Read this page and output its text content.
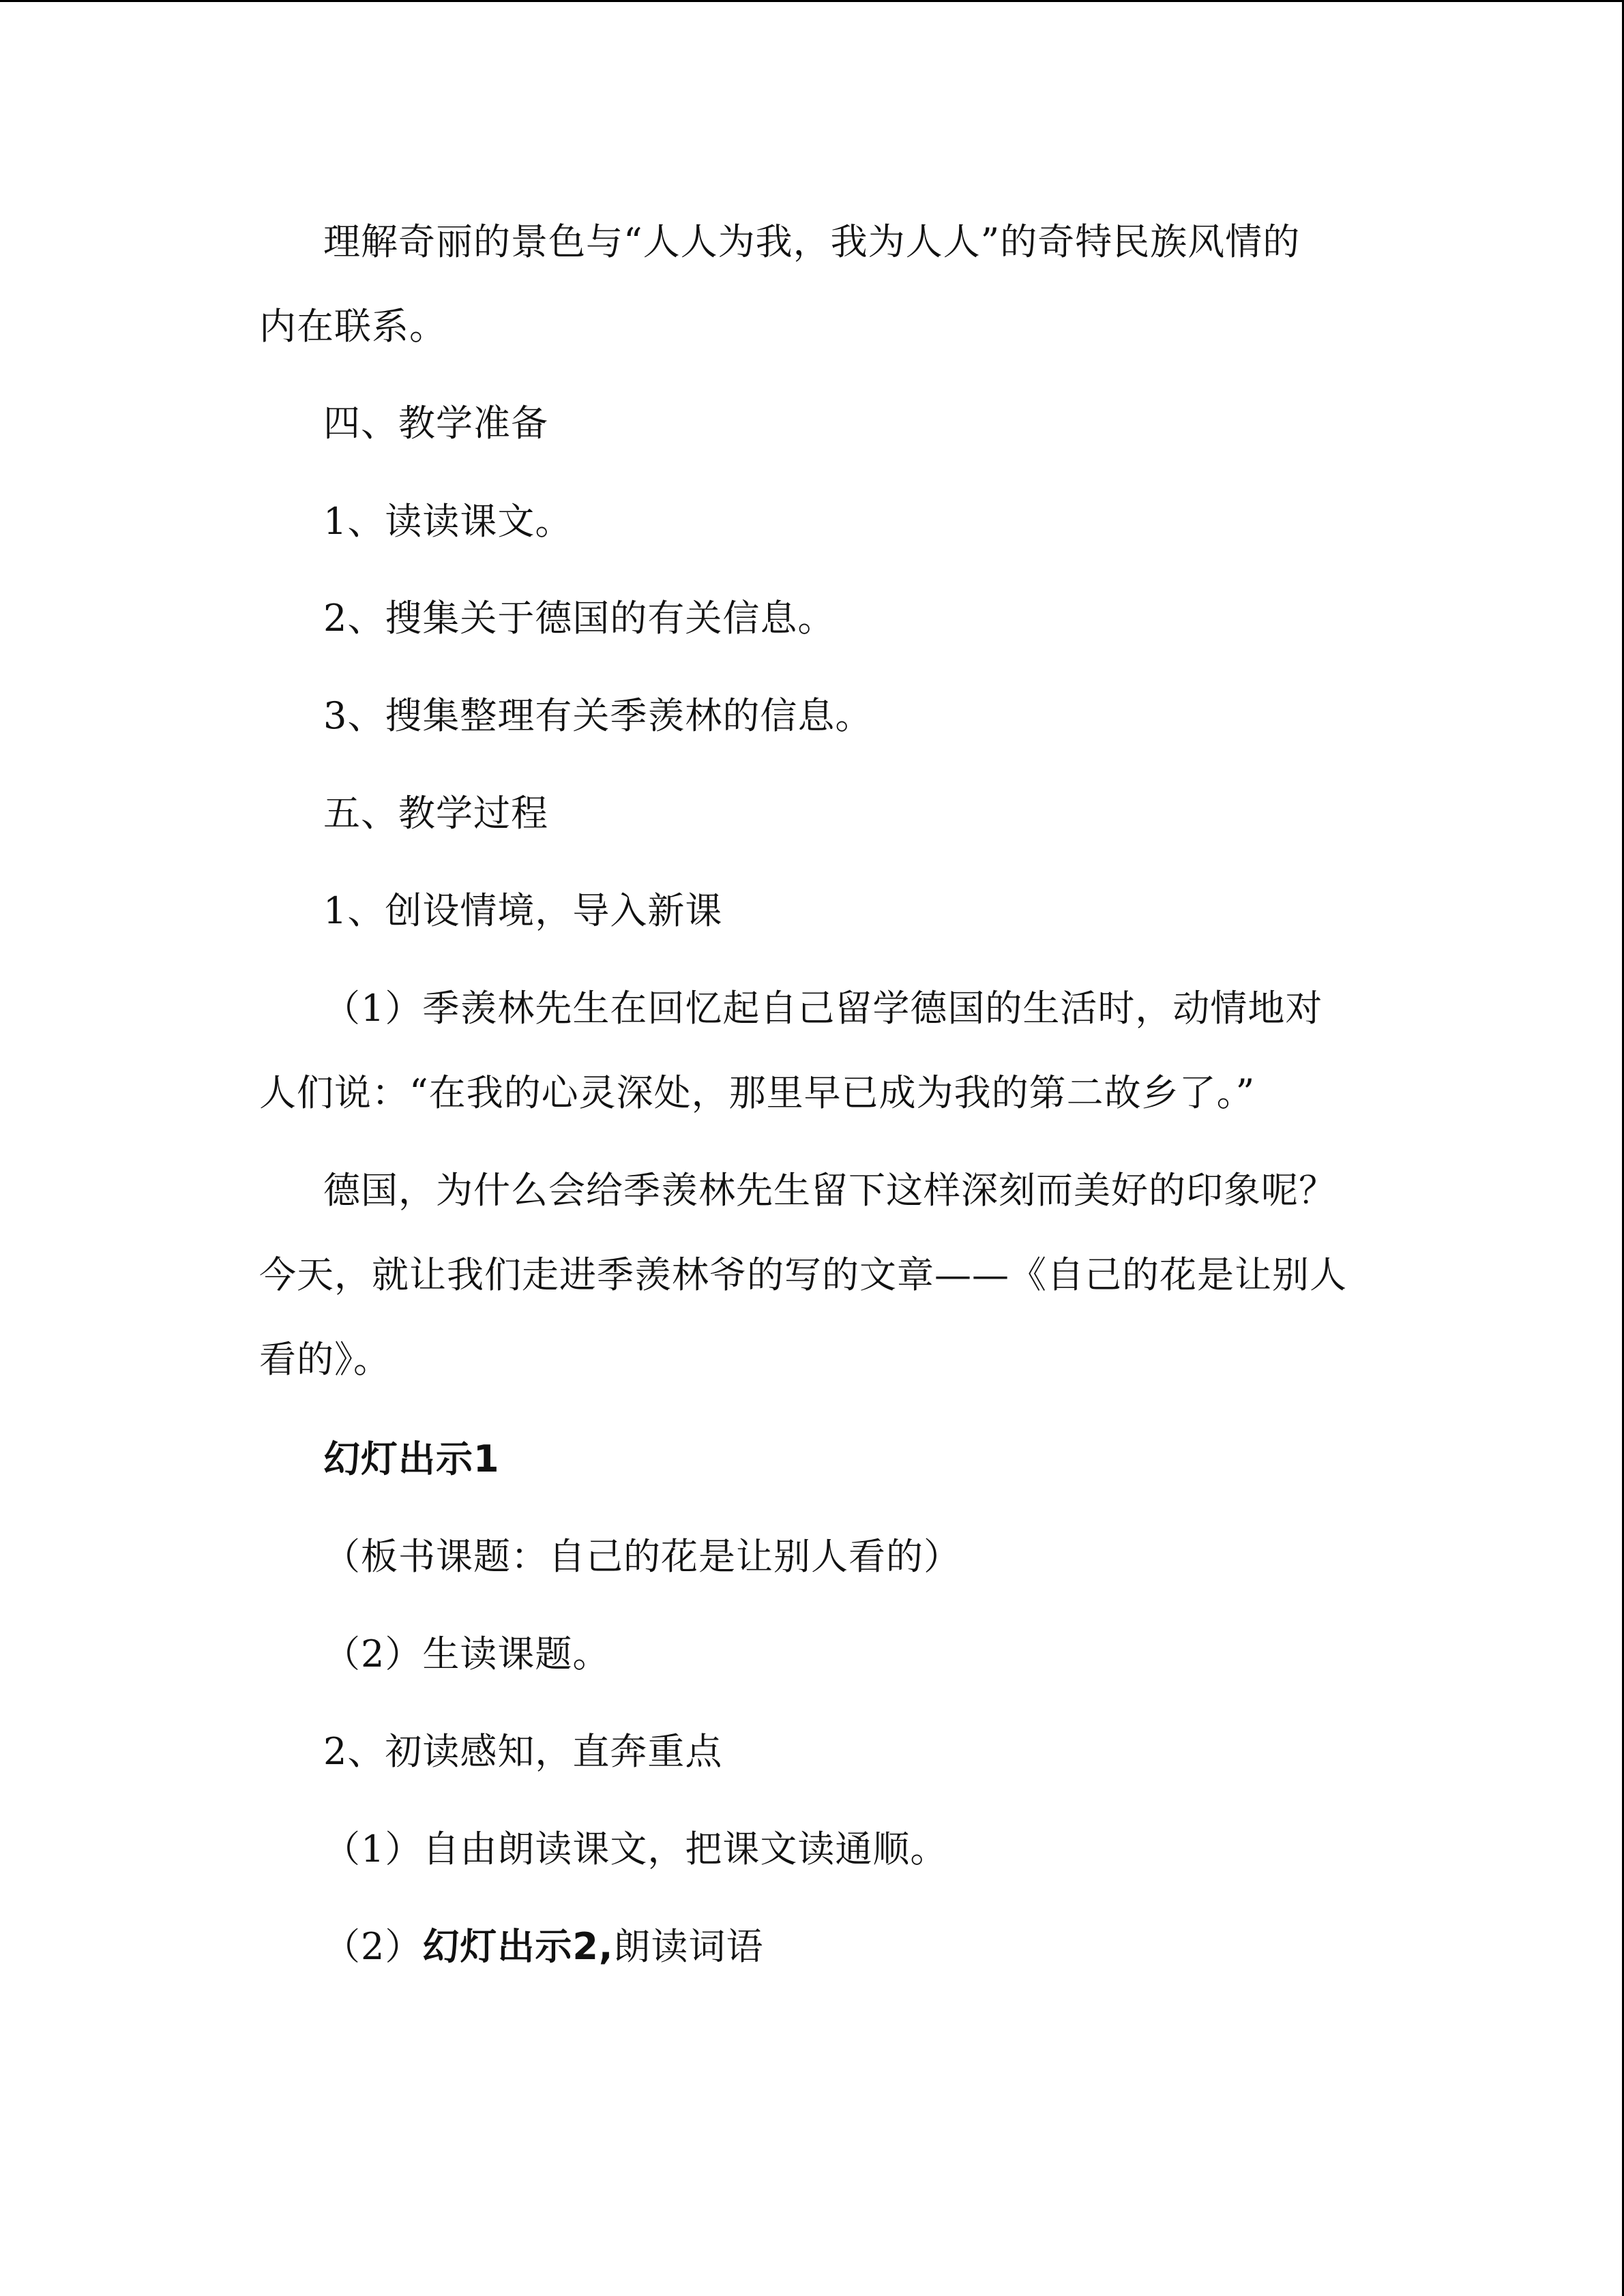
理解奇丽的景色与“人人为我，我为人人”的奇特民族风情的

内在联系。

四、教学准备

1、读读课文。

2、搜集关于德国的有关信息。

3、搜集整理有关季羡林的信息。

五、教学过程

1、创设情境，导入新课

（1）季羡林先生在回忆起自己留学德国的生活时，动情地对

人们说：“在我的心灵深处，那里早已成为我的第二故乡了。”

德国，为什么会给季羡林先生留下这样深刻而美好的印象呢？

今天，就让我们走进季羡林爷的写的文章——《自己的花是让别人

看的》。

幻灯出示1

（板书课题：自己的花是让别人看的）

（2）生读课题。

2、初读感知，直奔重点

（1）自由朗读课文，把课文读通顺。

（2）幻灯出示2,朗读词语
